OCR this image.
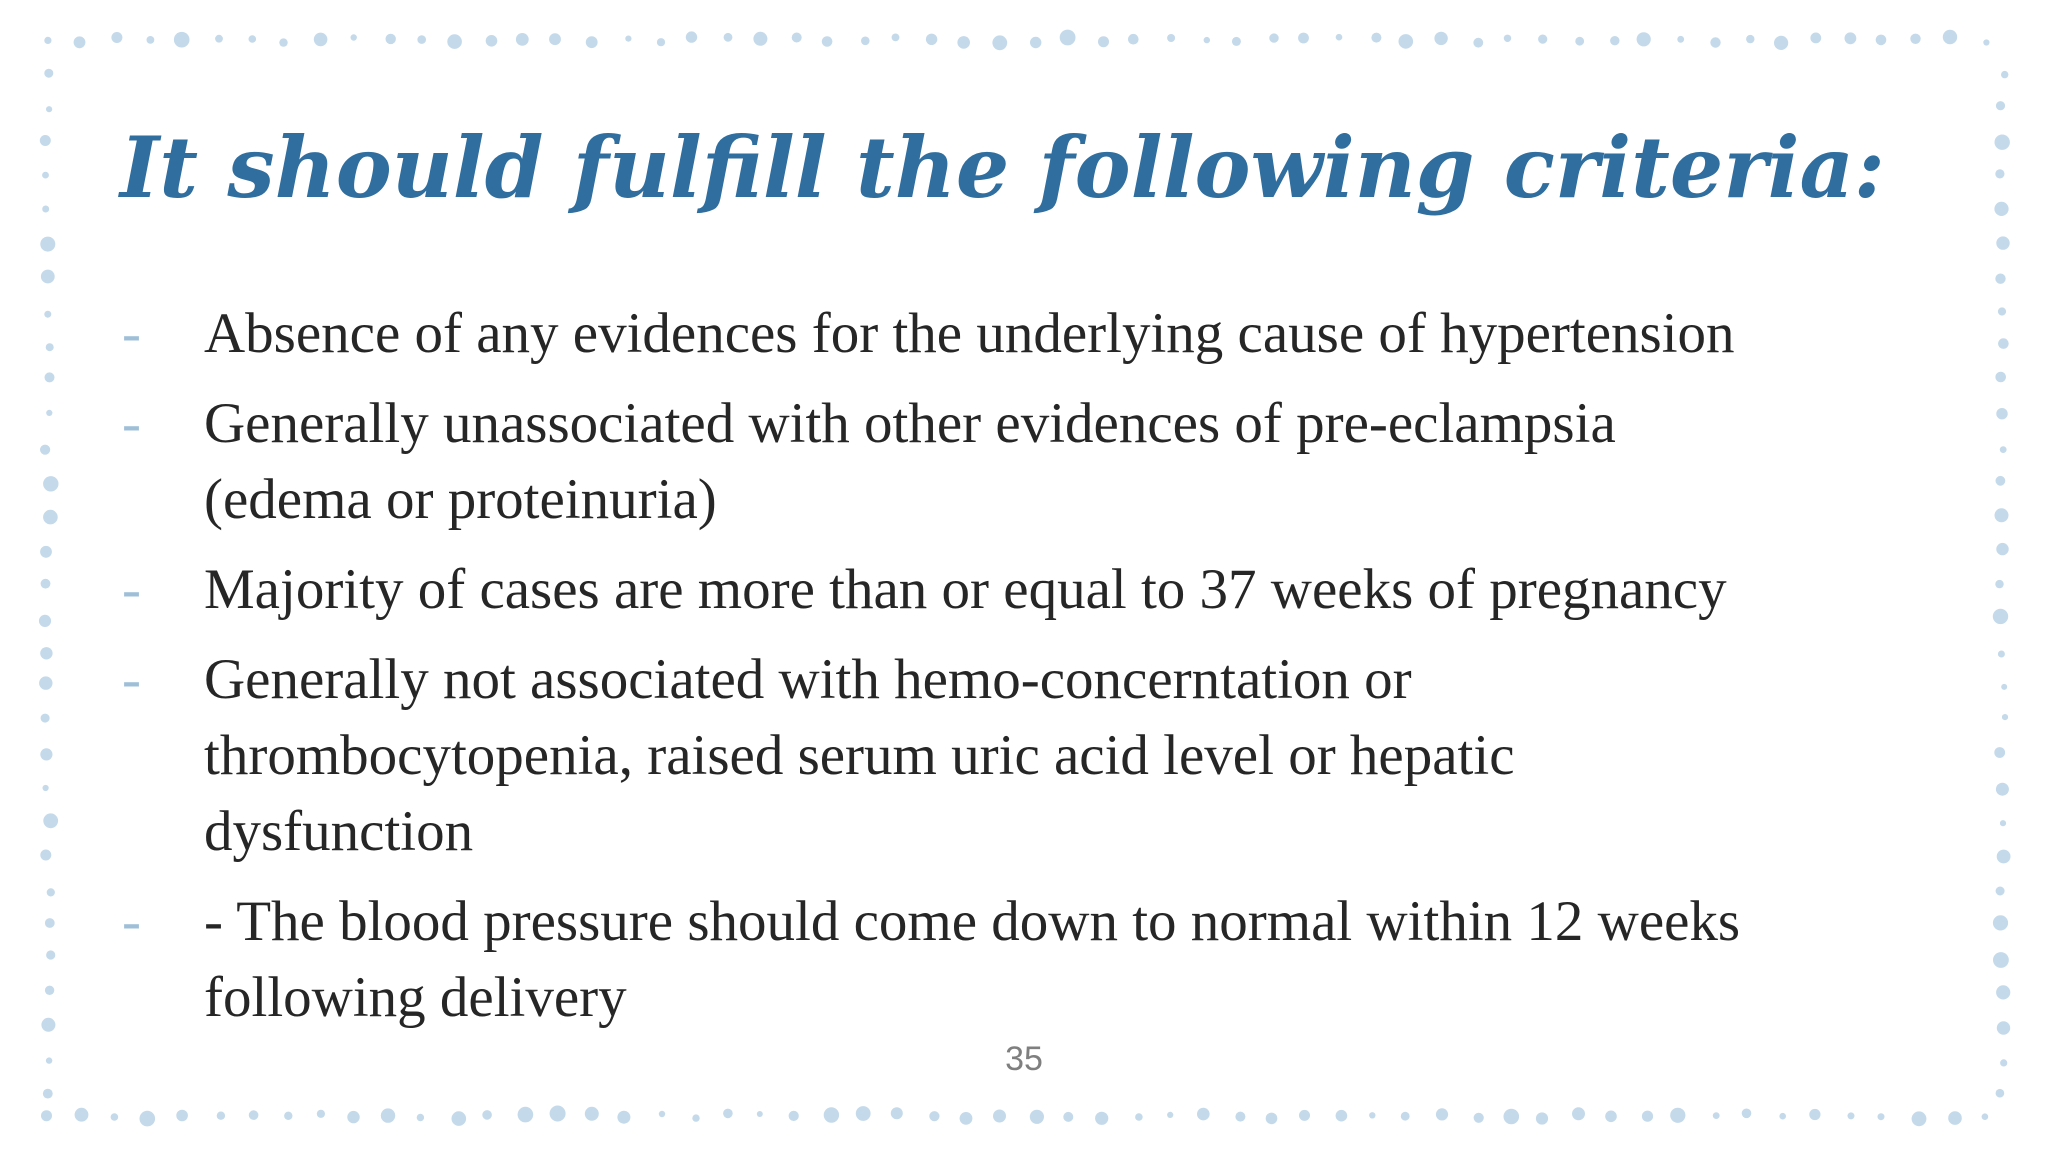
It should fulfill the following criteria:
- Absence of any evidences for the underlying cause of hypertension
- Generally unassociated with other evidences of pre-eclampsia (edema or proteinuria)
- Majority of cases are more than or equal to 37 weeks of pregnancy
- Generally not associated with hemo-concerntation or thrombocytopenia, raised serum uric acid level or hepatic dysfunction
- - The blood pressure should come down to normal within 12 weeks following delivery
35
